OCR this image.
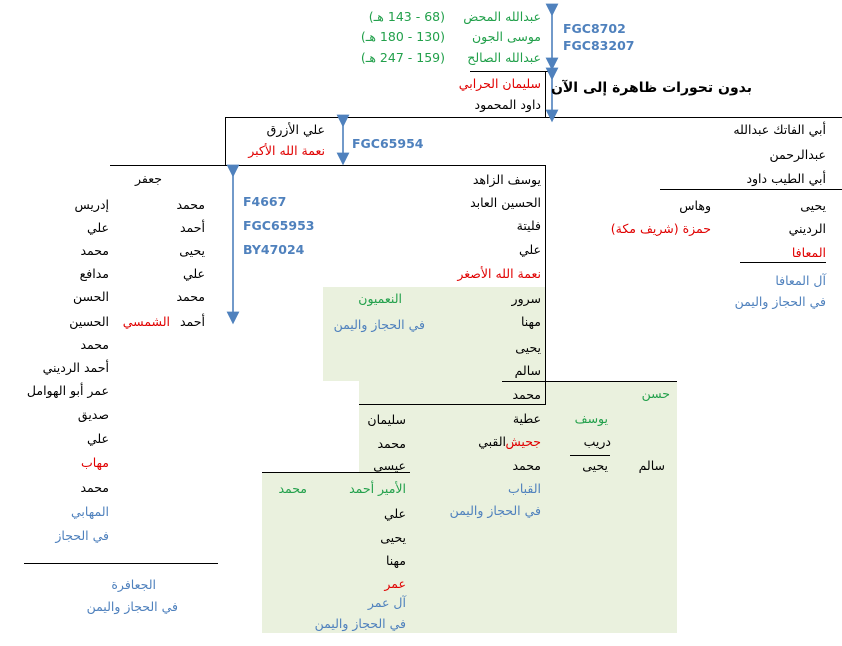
عبدالله المحض
(68 - 143 هـ)
موسى الجون
(130 - 180 هـ)
عبدالله الصالح
(159 - 247 هـ)
سليمان الحرابي
داود المحمود
FGC8702
FGC83207
بدون تحورات ظاهرة إلى الآن
علي الأزرق
نعمة الله الأكبر FGC65954
أبي الفاتك عبدالله
عبدالرحمن
أبي الطيب داود
يحيى
وهاس
الرديني
حمزة (شريف مكة)
المعافا
آل المعافا
في الحجاز واليمن
جعفر
محمد
أحمد
يحيى
علي
محمد
أحمد
الشمسي
إدريس
علي
محمد
مدافع
الحسن
الحسين
محمد
أحمد الرديني
عمر أبو الهوامل
صديق
علي
مهاب
محمد
المهابي
في الحجاز
الجعافرة
في الحجاز واليمن
F4667
FGC65953
BY47024
يوسف الزاهد
الحسين العابد
فليتة
علي
نعمة الله الأصغر
سرور
مهنا
يحيى
سالم
محمد
النعميون
في الحجاز واليمن
حسن
عطية	يوسف
جحيش
القبي	دريب
محمد	يحيى سالم
القباب
في الحجاز واليمن
سليمان
محمد
عيسى
الأمير أحمد
محمد
علي
يحيى
مهنا
عمر
آل عمر
في الحجاز واليمن
